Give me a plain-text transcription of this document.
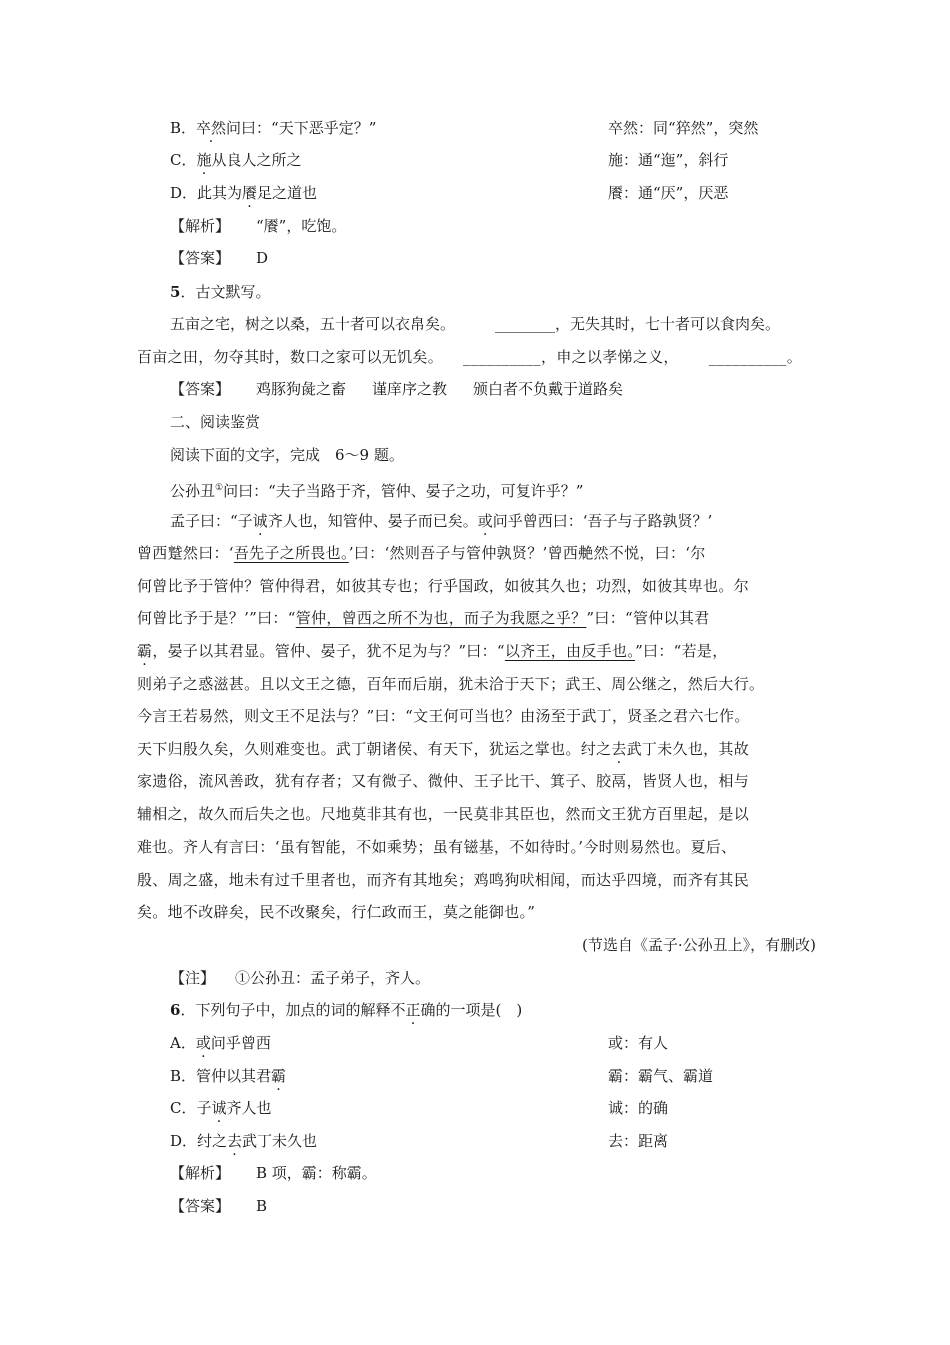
B．卒然问曰：“天下恶乎定？”	卒然：同“猝然”，突然
C．施从良人之所之	施：通“迤”，斜行
D．此其为餍足之道也	餍：通“厌”，厌恶
【解析】 “餍”，吃饱。
【答案】 D
5．古文默写。
五亩之宅，树之以桑，五十者可以衣帛矣。	________，无失其时，七十者可以食肉矣。
百亩之田，勿夺其时，数口之家可以无饥矣。 __________，申之以孝悌之义， __________。
【答案】 鸡豚狗彘之畜 谨庠序之教 颁白者不负戴于道路矣
二、阅读鉴赏
阅读下面的文字，完成　6～9 题。
公孙丑①问曰：“夫子当路于齐，管仲、晏子之功，可复许乎？”
孟子曰：“子诚齐人也，知管仲、晏子而已矣。或问乎曾西曰：‘吾子与子路孰贤？’
曾西蹵然曰：‘吾先子之所畏也。’曰：‘然则吾子与管仲孰贤？’曾西艴然不悦，曰：‘尔
何曾比予于管仲？管仲得君，如彼其专也；行乎国政，如彼其久也；功烈，如彼其卑也。尔
何曾比予于是？’”曰：“管仲，曾西之所不为也，而子为我愿之乎？”曰：“管仲以其君
霸，晏子以其君显。管仲、晏子，犹不足为与？”曰：“以齐王，由反手也。”曰：“若是，
则弟子之惑滋甚。且以文王之德，百年而后崩，犹未洽于天下；武王、周公继之，然后大行。
今言王若易然，则文王不足法与？”曰：“文王何可当也？由汤至于武丁，贤圣之君六七作。
天下归殷久矣，久则难变也。武丁朝诸侯、有天下，犹运之掌也。纣之去武丁未久也，其故
家遗俗，流风善政，犹有存者；又有微子、微仲、王子比干、箕子、胶鬲，皆贤人也，相与
辅相之，故久而后失之也。尺地莫非其有也，一民莫非其臣也，然而文王犹方百里起，是以
难也。齐人有言曰：‘虽有智能，不如乘势；虽有镃基，不如待时。’今时则易然也。夏后、
殷、周之盛，地未有过千里者也，而齐有其地矣；鸡鸣狗吠相闻，而达乎四境，而齐有其民
矣。地不改辟矣，民不改聚矣，行仁政而王，莫之能御也。”
(节选自《孟子·公孙丑上》，有删改)
【注】 ①公孙丑：孟子弟子，齐人。
6．下列句子中，加点的词的解释不正确的一项是(　)
A．或问乎曾西	或：有人
B．管仲以其君霸	霸：霸气、霸道
C．子诚齐人也	诚：的确
D．纣之去武丁未久也	去：距离
【解析】 B 项，霸：称霸。
【答案】 B
